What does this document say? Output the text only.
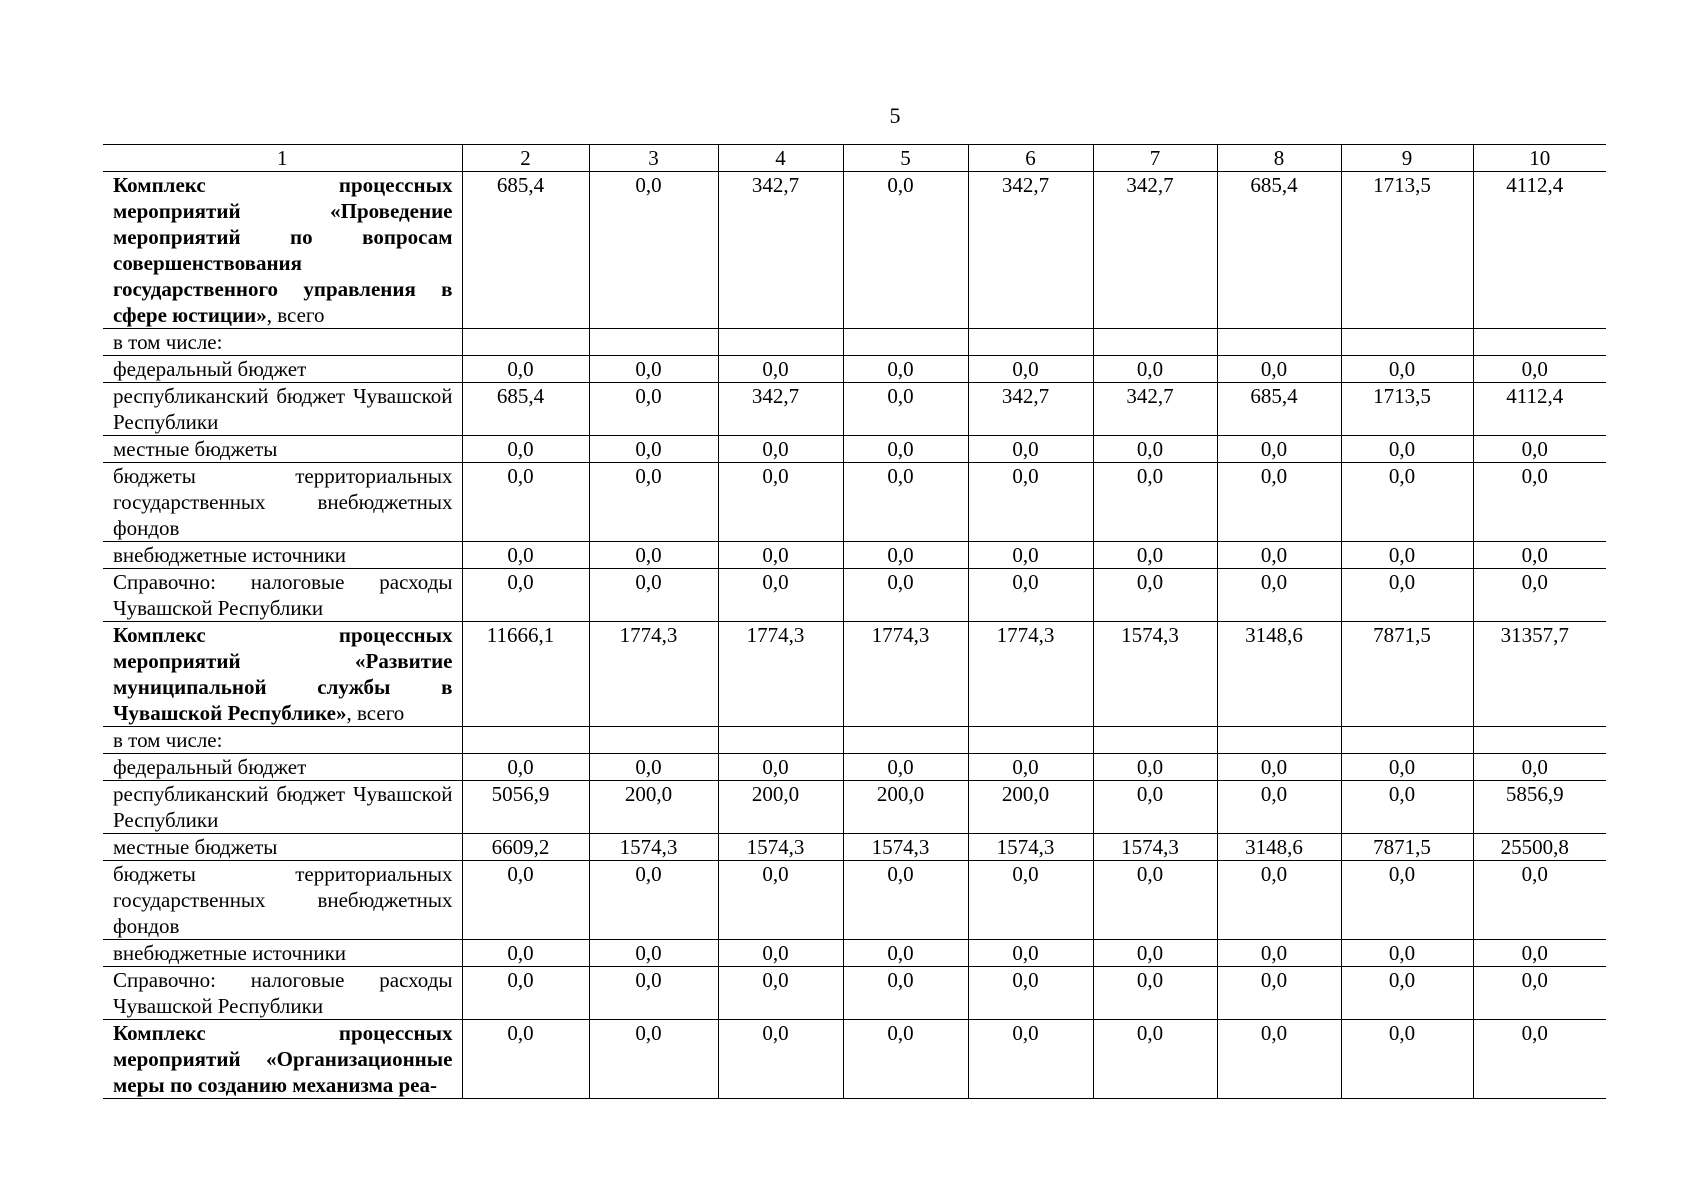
5
1	2	3	4	5	6	7	8	9	10
Комплекс процессных мероприятий «Проведение мероприятий по вопросам совершенствования государственного управления в сфере юстиции», всего	685,4	0,0	342,7	0,0	342,7	342,7	685,4	1713,5	4112,4
в том числе:									
федеральный бюджет	0,0	0,0	0,0	0,0	0,0	0,0	0,0	0,0	0,0
республиканский бюджет Чувашской Республики	685,4	0,0	342,7	0,0	342,7	342,7	685,4	1713,5	4112,4
местные бюджеты	0,0	0,0	0,0	0,0	0,0	0,0	0,0	0,0	0,0
бюджеты территориальных государственных внебюджетных фондов	0,0	0,0	0,0	0,0	0,0	0,0	0,0	0,0	0,0
внебюджетные источники	0,0	0,0	0,0	0,0	0,0	0,0	0,0	0,0	0,0
Справочно: налоговые расходы Чувашской Республики	0,0	0,0	0,0	0,0	0,0	0,0	0,0	0,0	0,0
Комплекс процессных мероприятий «Развитие муниципальной службы в Чувашской Республике», всего	11666,1	1774,3	1774,3	1774,3	1774,3	1574,3	3148,6	7871,5	31357,7
в том числе:									
федеральный бюджет	0,0	0,0	0,0	0,0	0,0	0,0	0,0	0,0	0,0
республиканский бюджет Чувашской Республики	5056,9	200,0	200,0	200,0	200,0	0,0	0,0	0,0	5856,9
местные бюджеты	6609,2	1574,3	1574,3	1574,3	1574,3	1574,3	3148,6	7871,5	25500,8
бюджеты территориальных государственных внебюджетных фондов	0,0	0,0	0,0	0,0	0,0	0,0	0,0	0,0	0,0
внебюджетные источники	0,0	0,0	0,0	0,0	0,0	0,0	0,0	0,0	0,0
Справочно: налоговые расходы Чувашской Республики	0,0	0,0	0,0	0,0	0,0	0,0	0,0	0,0	0,0
Комплекс процессных мероприятий «Организационные меры по созданию механизма реа-	0,0	0,0	0,0	0,0	0,0	0,0	0,0	0,0	0,0
